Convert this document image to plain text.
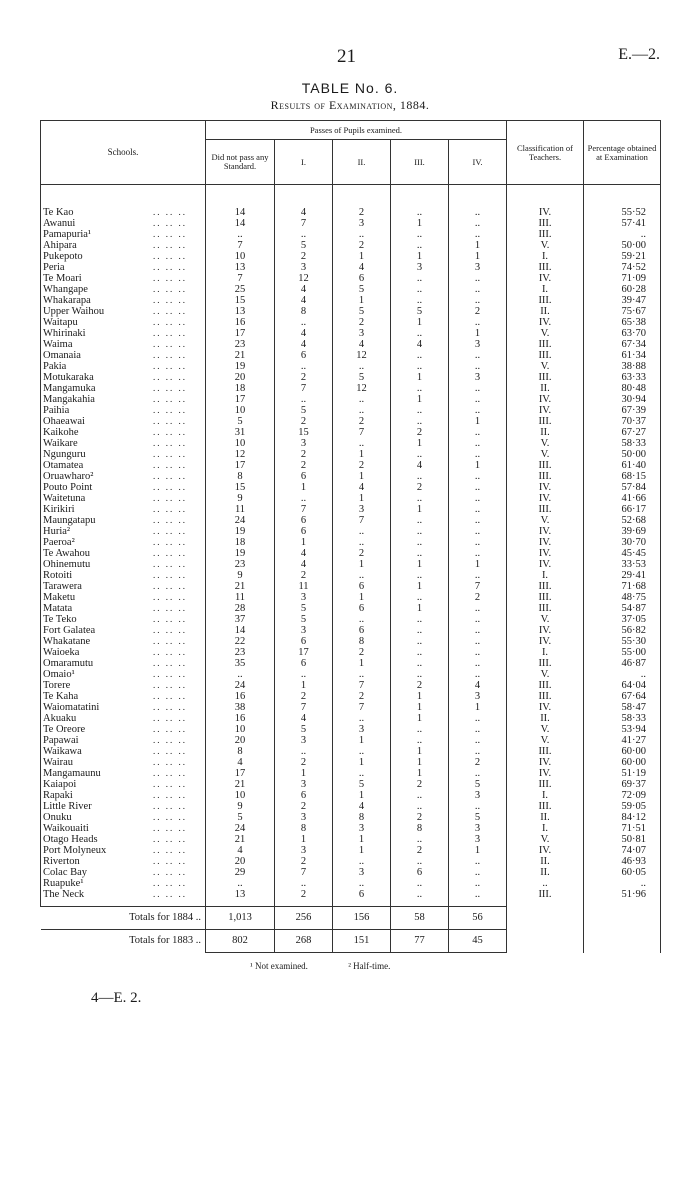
21	E.—2.
TABLE No. 6.
Results of Examination, 1884.
Schools.	Passes of Pupils examined.					Classification of Teachers.	Percentage obtained at Examination
	Did not pass any Standard.	I.	II.	III.	IV.		

Te Kao .. .. ..	14	4	2	..	..	IV.	55·52
Awanui .. .. ..	14	7	3	1	..	III.	57·41
Pamapuria¹ .. .. ..	..	..	..	..	..	III.	..
Ahipara .. .. ..	7	5	2	..	1	V.	50·00
Pukepoto .. .. ..	10	2	1	1	1	I.	59·21
Peria .. .. ..	13	3	4	3	3	III.	74·52
Te Moari .. .. ..	7	12	6	..	..	IV.	71·09
Whangape .. .. ..	25	4	5	..	..	I.	60·28
Whakarapa .. .. ..	15	4	1	..	..	III.	39·47
Upper Waihou .. .. ..	13	8	5	5	2	II.	75·67
Waitapu .. .. ..	16	..	2	1	..	IV.	65·38
Whirinaki .. .. ..	17	4	3	..	1	V.	63·70
Waima .. .. ..	23	4	4	4	3	III.	67·34
Omanaia .. .. ..	21	6	12	..	..	III.	61·34
Pakia .. .. ..	19	..	..	..	..	V.	38·88
Motukaraka .. .. ..	20	2	5	1	3	III.	63·33
Mangamuka .. .. ..	18	7	12	..	..	II.	80·48
Mangakahia .. .. ..	17	..	..	1	..	IV.	30·94
Paihia .. .. ..	10	5	..	..	..	IV.	67·39
Ohaeawai .. .. ..	5	2	2	..	1	III.	70·37
Kaikohe .. .. ..	31	15	7	2	..	II.	67·27
Waikare .. .. ..	10	3	..	1	..	V.	58·33
Ngunguru .. .. ..	12	2	1	..	..	V.	50·00
Otamatea .. .. ..	17	2	2	4	1	III.	61·40
Oruawharo² .. .. ..	8	6	1	..	..	III.	68·15
Pouto Point .. .. ..	15	1	4	2	..	IV.	57·84
Waitetuna .. .. ..	9	..	1	..	..	IV.	41·66
Kirikiri .. .. ..	11	7	3	1	..	III.	66·17
Maungatapu .. .. ..	24	6	7	..	..	V.	52·68
Huria² .. .. ..	19	6	..	..	..	IV.	39·69
Paeroa² .. .. ..	18	1	..	..	..	IV.	30·70
Te Awahou .. .. ..	19	4	2	..	..	IV.	45·45
Ohinemutu .. .. ..	23	4	1	1	1	IV.	33·53
Rotoiti .. .. ..	9	2	..	..	..	I.	29·41
Tarawera .. .. ..	21	11	6	1	7	III.	71·68
Maketu .. .. ..	11	3	1	..	2	III.	48·75
Matata .. .. ..	28	5	6	1	..	III.	54·87
Te Teko .. .. ..	37	5	..	..	..	V.	37·05
Fort Galatea .. .. ..	14	3	6	..	..	IV.	56·82
Whakatane .. .. ..	22	6	8	..	..	IV.	55·30
Waioeka .. .. ..	23	17	2	..	..	I.	55·00
Omaramutu .. .. ..	35	6	1	..	..	III.	46·87
Omaio¹ .. .. ..	..	..	..	..	..	V.	..
Torere .. .. ..	24	1	7	2	4	III.	64·04
Te Kaha .. .. ..	16	2	2	1	3	III.	67·64
Waiomatatini .. .. ..	38	7	7	1	1	IV.	58·47
Akuaku .. .. ..	16	4	..	1	..	II.	58·33
Te Oreore .. .. ..	10	5	3	..	..	V.	53·94
Papawai .. .. ..	20	3	1	..	..	V.	41·27
Waikawa .. .. ..	8	..	..	1	..	III.	60·00
Wairau .. .. ..	4	2	1	1	2	IV.	60·00
Mangamaunu .. .. ..	17	1	..	1	..	IV.	51·19
Kaiapoi .. .. ..	21	3	5	2	5	III.	69·37
Rapaki .. .. ..	10	6	1	..	3	I.	72·09
Little River .. .. ..	9	2	4	..	..	III.	59·05
Onuku .. .. ..	5	3	8	2	5	II.	84·12
Waikouaiti .. .. ..	24	8	3	8	3	I.	71·51
Otago Heads .. .. ..	21	1	1	..	3	V.	50·81
Port Molyneux .. .. ..	4	3	1	2	1	IV.	74·07
Riverton .. .. ..	20	2	..	..	..	II.	46·93
Colac Bay .. .. ..	29	7	3	6	..	II.	60·05
Ruapuke¹ .. .. ..	..	..	..	..	..	..	..
The Neck .. .. ..	13	2	6	..	..	III.	51·96
Totals for 1884 ..	1,013	256	156	58	56		
Totals for 1883 ..	802	268	151	77	45		
¹ Not examined.	² Half-time.
4—E. 2.
